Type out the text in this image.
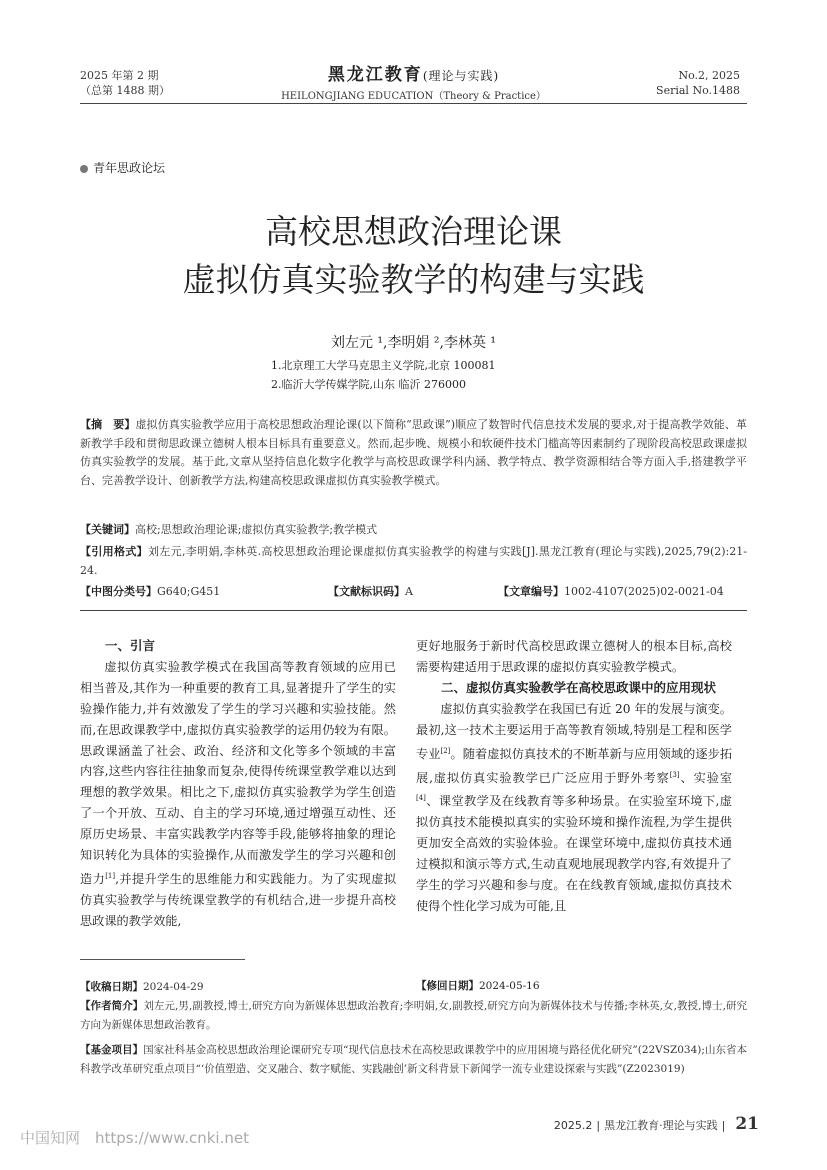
2025 年第 2 期
（总第 1488 期）
黑龙江教育(理论与实践)
HEILONGJIANG EDUCATION（Theory & Practice）
No.2, 2025
Serial No.1488
青年思政论坛
高校思想政治理论课
虚拟仿真实验教学的构建与实践
刘左元 ¹,李明娟 ²,李林英 ¹
1.北京理工大学马克思主义学院,北京 100081
2.临沂大学传媒学院,山东 临沂 276000
【摘　要】虚拟仿真实验教学应用于高校思想政治理论课(以下简称“思政课”)顺应了数智时代信息技术发展的要求,对于提高教学效能、革新教学手段和贯彻思政课立德树人根本目标具有重要意义。然而,起步晚、规模小和软硬件技术门槛高等因素制约了现阶段高校思政课虚拟仿真实验教学的发展。基于此,文章从坚持信息化数字化教学与高校思政课学科内涵、教学特点、教学资源相结合等方面入手,搭建教学平台、完善教学设计、创新教学方法,构建高校思政课虚拟仿真实验教学模式。
【关键词】高校;思想政治理论课;虚拟仿真实验教学;教学模式
【引用格式】刘左元,李明娟,李林英.高校思想政治理论课虚拟仿真实验教学的构建与实践[J].黑龙江教育(理论与实践),2025,79(2):21-24.
【中图分类号】G640;G451	【文献标识码】A	【文章编号】1002-4107(2025)02-0021-04

一、引言

虚拟仿真实验教学模式在我国高等教育领域的应用已相当普及,其作为一种重要的教育工具,显著提升了学生的实验操作能力,并有效激发了学生的学习兴趣和实验技能。然而,在思政课教学中,虚拟仿真实验教学的运用仍较为有限。思政课涵盖了社会、政治、经济和文化等多个领域的丰富内容,这些内容往往抽象而复杂,使得传统课堂教学难以达到理想的教学效果。相比之下,虚拟仿真实验教学为学生创造了一个开放、互动、自主的学习环境,通过增强互动性、还原历史场景、丰富实践教学内容等手段,能够将抽象的理论知识转化为具体的实验操作,从而激发学生的学习兴趣和创造力[1],并提升学生的思维能力和实践能力。为了实现虚拟仿真实验教学与传统课堂教学的有机结合,进一步提升高校思政课的教学效能,

更好地服务于新时代高校思政课立德树人的根本目标,高校需要构建适用于思政课的虚拟仿真实验教学模式。

二、虚拟仿真实验教学在高校思政课中的应用现状

虚拟仿真实验教学在我国已有近 20 年的发展与演变。最初,这一技术主要运用于高等教育领域,特别是工程和医学专业[2]。随着虚拟仿真技术的不断革新与应用领域的逐步拓展,虚拟仿真实验教学已广泛应用于野外考察[3]、实验室[4]、课堂教学及在线教育等多种场景。在实验室环境下,虚拟仿真技术能模拟真实的实验环境和操作流程,为学生提供更加安全高效的实验体验。在课堂环境中,虚拟仿真技术通过模拟和演示等方式,生动直观地展现教学内容,有效提升了学生的学习兴趣和参与度。在在线教育领域,虚拟仿真技术使得个性化学习成为可能,且

【收稿日期】2024-04-29	【修回日期】2024-05-16
【作者简介】刘左元,男,副教授,博士,研究方向为新媒体思想政治教育;李明娟,女,副教授,研究方向为新媒体技术与传播;李林英,女,教授,博士,研究方向为新媒体思想政治教育。
【基金项目】国家社科基金高校思想政治理论课研究专项“现代信息技术在高校思政课教学中的应用困境与路径优化研究”(22VSZ034);山东省本科教学改革研究重点项目“‘价值塑造、交叉融合、数字赋能、实践融创’新文科背景下新闻学一流专业建设探索与实践”(Z2023019)
中国知网　https://www.cnki.net
2025.2 | 黑龙江教育·理论与实践 | 21
